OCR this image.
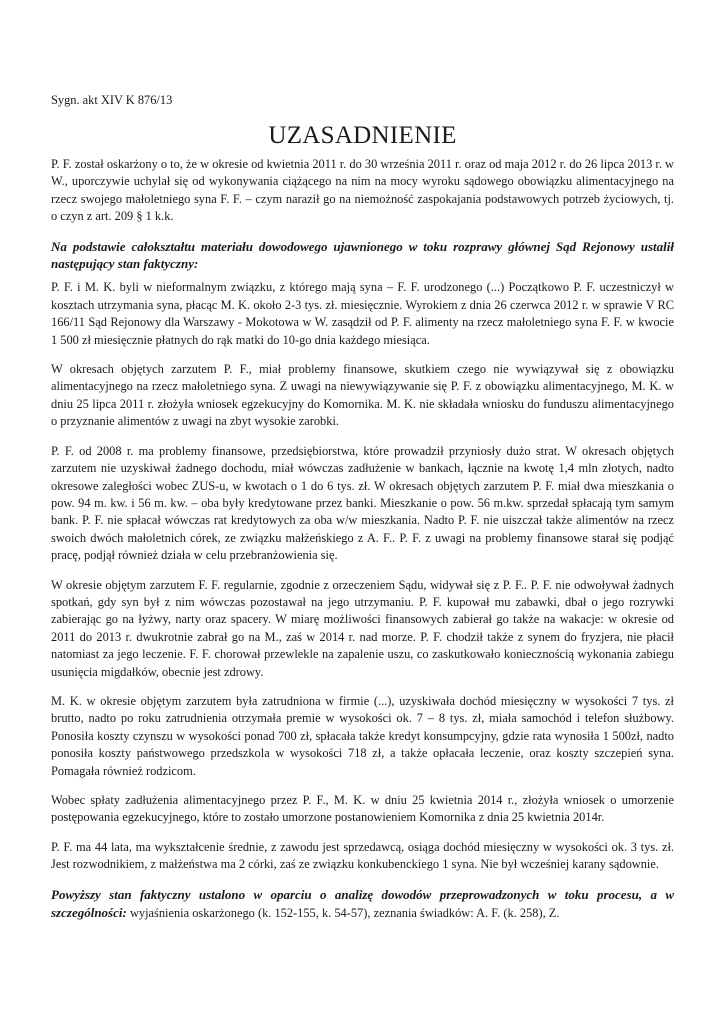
Sygn. akt XIV K 876/13

UZASADNIENIE

P. F. został oskarżony o to, że w okresie od kwietnia 2011 r. do 30 września 2011 r. oraz od maja 2012 r. do 26 lipca 2013 r. w W., uporczywie uchylał się od wykonywania ciążącego na nim na mocy wyroku sądowego obowiązku alimentacyjnego na rzecz swojego małoletniego syna F. F. – czym naraził go na niemożność zaspokajania podstawowych potrzeb życiowych, tj. o czyn z art. 209 § 1 k.k.

Na podstawie całokształtu materiału dowodowego ujawnionego w toku rozprawy głównej Sąd Rejonowy ustalił następujący stan faktyczny:

P. F. i M. K. byli w nieformalnym związku, z którego mają syna – F. F. urodzonego (...) Początkowo P. F. uczestniczył w kosztach utrzymania syna, płacąc M. K. około 2-3 tys. zł. miesięcznie. Wyrokiem z dnia 26 czerwca 2012 r. w sprawie V RC 166/11 Sąd Rejonowy dla Warszawy - Mokotowa w W. zasądził od P. F. alimenty na rzecz małoletniego syna F. F. w kwocie 1 500 zł miesięcznie płatnych do rąk matki do 10-go dnia każdego miesiąca.

W okresach objętych zarzutem P. F., miał problemy finansowe, skutkiem czego nie wywiązywał się z obowiązku alimentacyjnego na rzecz małoletniego syna. Z uwagi na niewywiązywanie się P. F. z obowiązku alimentacyjnego, M. K. w dniu 25 lipca 2011 r. złożyła wniosek egzekucyjny do Komornika. M. K. nie składała wniosku do funduszu alimentacyjnego o przyznanie alimentów z uwagi na zbyt wysokie zarobki.

P. F. od 2008 r. ma problemy finansowe, przedsiębiorstwa, które prowadził przyniosły dużo strat. W okresach objętych zarzutem nie uzyskiwał żadnego dochodu, miał wówczas zadłużenie w bankach, łącznie na kwotę 1,4 mln złotych, nadto okresowe zaległości wobec ZUS-u, w kwotach o 1 do 6 tys. zł. W okresach objętych zarzutem P. F. miał dwa mieszkania o pow. 94 m. kw. i 56 m. kw. – oba były kredytowane przez banki. Mieszkanie o pow. 56 m.kw. sprzedał spłacają tym samym bank. P. F. nie spłacał wówczas rat kredytowych za oba w/w mieszkania. Nadto P. F. nie uiszczał także alimentów na rzecz swoich dwóch małoletnich córek, ze związku małżeńskiego z A. F.. P. F. z uwagi na problemy finansowe starał się podjąć pracę, podjął również działa w celu przebranżowienia się.

W okresie objętym zarzutem F. F. regularnie, zgodnie z orzeczeniem Sądu, widywał się z P. F.. P. F. nie odwoływał żadnych spotkań, gdy syn był z nim wówczas pozostawał na jego utrzymaniu. P. F. kupował mu zabawki, dbał o jego rozrywki zabierając go na łyżwy, narty oraz spacery. W miarę możliwości finansowych zabierał go także na wakacje: w okresie od 2011 do 2013 r. dwukrotnie zabrał go na M., zaś w 2014 r. nad morze. P. F. chodził także z synem do fryzjera, nie płacił natomiast za jego leczenie. F. F. chorował przewlekle na zapalenie uszu, co zaskutkowało koniecznością wykonania zabiegu usunięcia migdałków, obecnie jest zdrowy.

M. K. w okresie objętym zarzutem była zatrudniona w firmie (...), uzyskiwała dochód miesięczny w wysokości 7 tys. zł brutto, nadto po roku zatrudnienia otrzymała premie w wysokości ok. 7 – 8 tys. zł, miała samochód i telefon służbowy. Ponosiła koszty czynszu w wysokości ponad 700 zł, spłacała także kredyt konsumpcyjny, gdzie rata wynosiła 1 500zł, nadto ponosiła koszty państwowego przedszkola w wysokości 718 zł, a także opłacała leczenie, oraz koszty szczepień syna. Pomagała również rodzicom.

Wobec spłaty zadłużenia alimentacyjnego przez P. F., M. K. w dniu 25 kwietnia 2014 r., złożyła wniosek o umorzenie postępowania egzekucyjnego, które to zostało umorzone postanowieniem Komornika z dnia 25 kwietnia 2014r.

P. F. ma 44 lata, ma wykształcenie średnie, z zawodu jest sprzedawcą, osiąga dochód miesięczny w wysokości ok. 3 tys. zł. Jest rozwodnikiem, z małżeństwa ma 2 córki, zaś ze związku konkubenckiego 1 syna. Nie był wcześniej karany sądownie.

Powyższy stan faktyczny ustalono w oparciu o analizę dowodów przeprowadzonych w toku procesu, a w szczególności: wyjaśnienia oskarżonego (k. 152-155, k. 54-57), zeznania świadków: A. F. (k. 258), Z.
